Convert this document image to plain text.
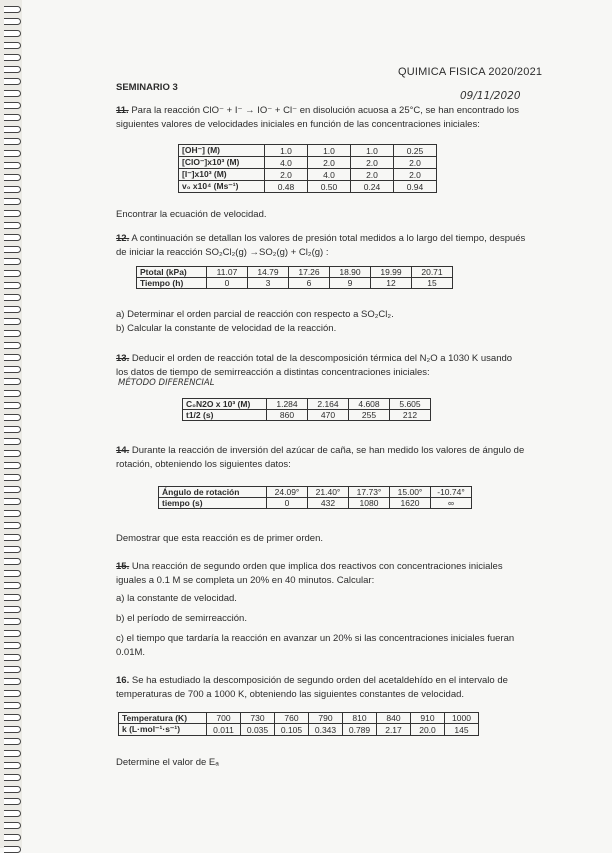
QUIMICA FISICA 2020/2021
SEMINARIO 3
09/11/2020
11. Para la reacción ClO⁻ + I⁻ → IO⁻ + Cl⁻ en disolución acuosa a 25°C, se han encontrado los
siguientes valores de velocidades iniciales en función de las concentraciones iniciales:
[OH⁻] (M)	1.0	1.0	1.0	0.25
[ClO⁻]x10³ (M)	4.0	2.0	2.0	2.0
[I⁻]x10³ (M)	2.0	4.0	2.0	2.0
v₀ x10⁴ (Ms⁻¹)	0.48	0.50	0.24	0.94
Encontrar la ecuación de velocidad.
12. A continuación se detallan los valores de presión total medidos a lo largo del tiempo, después
de iniciar la reacción SO₂Cl₂(g) →SO₂(g) + Cl₂(g) :
Ptotal (kPa)	11.07	14.79	17.26	18.90	19.99	20.71
Tiempo (h)	0	3	6	9	12	15
a) Determinar el orden parcial de reacción con respecto a SO₂Cl₂.
b) Calcular la constante de velocidad de la reacción.
13. Deducir el orden de reacción total de la descomposición térmica del N₂O a 1030 K usando
los datos de tiempo de semirreacción a distintas concentraciones iniciales:
MÉTODO DIFERENCIAL
C₀N2O x 10³ (M)	1.284	2.164	4.608	5.605
t1/2 (s)	860	470	255	212
14. Durante la reacción de inversión del azúcar de caña, se han medido los valores de ángulo de
rotación, obteniendo los siguientes datos:
Ángulo de rotación	24.09°	21.40°	17.73°	15.00°	-10.74°
tiempo (s)	0	432	1080	1620	∞
Demostrar que esta reacción es de primer orden.
15. Una reacción de segundo orden que implica dos reactivos con concentraciones iniciales
iguales a 0.1 M se completa un 20% en 40 minutos. Calcular:
a) la constante de velocidad.
b) el período de semirreacción.
c) el tiempo que tardaría la reacción en avanzar un 20% si las concentraciones iniciales fueran
0.01M.
16. Se ha estudiado la descomposición de segundo orden del acetaldehído en el intervalo de
temperaturas de 700 a 1000 K, obteniendo las siguientes constantes de velocidad.
Temperatura (K)	700	730	760	790	810	840	910	1000
k (L·mol⁻¹·s⁻¹)	0.011	0.035	0.105	0.343	0.789	2.17	20.0	145
Determine el valor de Eₐ
